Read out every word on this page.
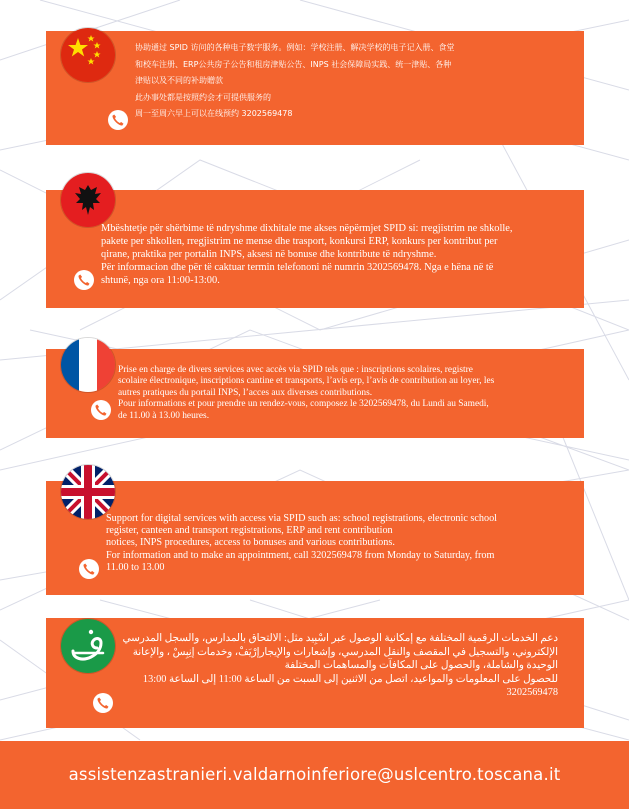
协助通过 SPID 访问的各种电子数字服务。例如：学校注册、解决学校的电子记入册、食堂

和校车注册、ERP公共房子公告和租房津贴公告、INPS 社会保障局实践、统一津贴、各种

津贴以及不同的补助贈款

此办事处都是按照约会才可提供服务的

周一至周六早上可以在线预约 3202569478

Mbështetje për shërbime të ndryshme dixhitale me akses nëpërmjet SPID si: rregjistrim ne shkolle,

pakete per shkollen, rregjistrim ne mense dhe trasport, konkursi ERP, konkurs per kontribut per

qirane, praktika per portalin INPS, aksesi në bonuse dhe kontribute të ndryshme.

Për informacion dhe për të caktuar termin telefononi në numrin 3202569478. Nga e hëna në të

shtunë, nga ora 11:00-13:00.

Prise en charge de divers services avec accès via SPID tels que : inscriptions scolaires, registre

scolaire électronique, inscriptions cantine et transports, l’avis erp, l’avis de contribution au loyer, les

autres pratiques du portail INPS, l’acces aux diverses contributions.

Pour informations et pour prendre un rendez-vous, composez le 3202569478, du Lundi au Samedi,

de 11.00 à 13.00 heures.

Support for digital services with access via SPID such as: school registrations, electronic school

register, canteen and transport registrations, ERP and rent contribution

notices, INPS procedures, access to bonuses and various contributions.

For information and to make an appointment, call 3202569478 from Monday to Saturday, from

11.00 to 13.00

دعم الخدمات الرقمية المختلفة مع إمكانية الوصول عبر اسْبِيد مثل: الالتحاق بالمدارس، والسجل المدرسي

الإلكتروني، والتسجيل في المقصف والنقل المدرسي، وإشعارات والإيجارإرْيَفْ، وخدمات إنِبِسْ ، والإعانة

الوحيدة والشاملة، والحصول على المكافآت والمساهمات المختلفة

للحصول على المعلومات والمواعيد، اتصل من الاثنين إلى السبت من الساعة 11:00 إلى الساعة 13:00

3202569478

assistenzastranieri.valdarnoinferiore@uslcentro.toscana.it
